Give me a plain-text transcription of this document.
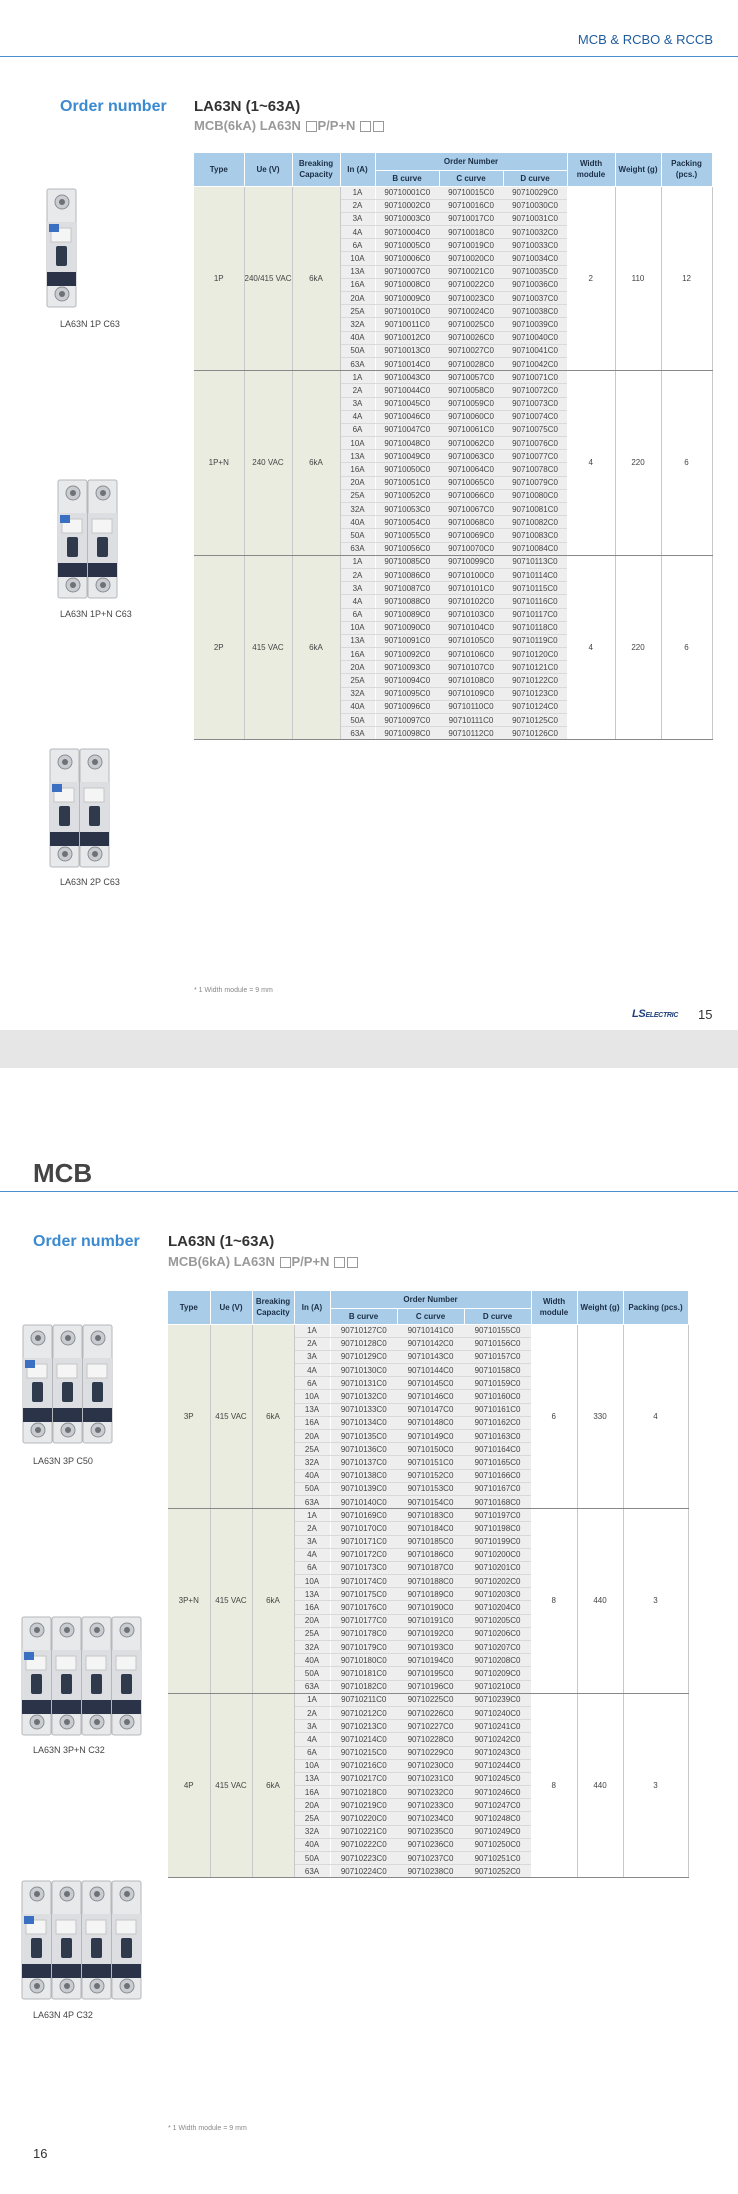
MCB & RCBO & RCCB
Order number LA63N (1~63A)
MCB(6kA) LA63N P/P+N
LA63N 1P C63
LA63N 1P+N C63
LA63N 2P C63
Type	Ue (V)	Breaking Capacity	In (A)	Order Number			Width module	Weight (g)	Packing (pcs.)
				B curve	C curve	D curve			
1P	240/415 VAC	6kA	1A	90710001C0	90710015C0	90710029C0	2	110	12
			2A	90710002C0	90710016C0	90710030C0			
			3A	90710003C0	90710017C0	90710031C0			
			4A	90710004C0	90710018C0	90710032C0			
			6A	90710005C0	90710019C0	90710033C0			
			10A	90710006C0	90710020C0	90710034C0			
			13A	90710007C0	90710021C0	90710035C0			
			16A	90710008C0	90710022C0	90710036C0			
			20A	90710009C0	90710023C0	90710037C0			
			25A	90710010C0	90710024C0	90710038C0			
			32A	90710011C0	90710025C0	90710039C0			
			40A	90710012C0	90710026C0	90710040C0			
			50A	90710013C0	90710027C0	90710041C0			
			63A	90710014C0	90710028C0	90710042C0			
1P+N	240 VAC	6kA	1A	90710043C0	90710057C0	90710071C0	4	220	6
			2A	90710044C0	90710058C0	90710072C0			
			3A	90710045C0	90710059C0	90710073C0			
			4A	90710046C0	90710060C0	90710074C0			
			6A	90710047C0	90710061C0	90710075C0			
			10A	90710048C0	90710062C0	90710076C0			
			13A	90710049C0	90710063C0	90710077C0			
			16A	90710050C0	90710064C0	90710078C0			
			20A	90710051C0	90710065C0	90710079C0			
			25A	90710052C0	90710066C0	90710080C0			
			32A	90710053C0	90710067C0	90710081C0			
			40A	90710054C0	90710068C0	90710082C0			
			50A	90710055C0	90710069C0	90710083C0			
			63A	90710056C0	90710070C0	90710084C0			
2P	415 VAC	6kA	1A	90710085C0	90710099C0	90710113C0	4	220	6
			2A	90710086C0	90710100C0	90710114C0			
			3A	90710087C0	90710101C0	90710115C0			
			4A	90710088C0	90710102C0	90710116C0			
			6A	90710089C0	90710103C0	90710117C0			
			10A	90710090C0	90710104C0	90710118C0			
			13A	90710091C0	90710105C0	90710119C0			
			16A	90710092C0	90710106C0	90710120C0			
			20A	90710093C0	90710107C0	90710121C0			
			25A	90710094C0	90710108C0	90710122C0			
			32A	90710095C0	90710109C0	90710123C0			
			40A	90710096C0	90710110C0	90710124C0			
			50A	90710097C0	90710111C0	90710125C0			
			63A	90710098C0	90710112C0	90710126C0			
* 1 Width module = 9 mm
LSELECTRIC 15
MCB
Order number LA63N (1~63A)
MCB(6kA) LA63N P/P+N
LA63N 3P C50
LA63N 3P+N C32
LA63N 4P C32
Type	Ue (V)	Breaking Capacity	In (A)	Order Number			Width module	Weight (g)	Packing (pcs.)
				B curve	C curve	D curve			
3P	415 VAC	6kA	1A	90710127C0	90710141C0	90710155C0	6	330	4
			2A	90710128C0	90710142C0	90710156C0			
			3A	90710129C0	90710143C0	90710157C0			
			4A	90710130C0	90710144C0	90710158C0			
			6A	90710131C0	90710145C0	90710159C0			
			10A	90710132C0	90710146C0	90710160C0			
			13A	90710133C0	90710147C0	90710161C0			
			16A	90710134C0	90710148C0	90710162C0			
			20A	90710135C0	90710149C0	90710163C0			
			25A	90710136C0	90710150C0	90710164C0			
			32A	90710137C0	90710151C0	90710165C0			
			40A	90710138C0	90710152C0	90710166C0			
			50A	90710139C0	90710153C0	90710167C0			
			63A	90710140C0	90710154C0	90710168C0			
3P+N	415 VAC	6kA	1A	90710169C0	90710183C0	90710197C0	8	440	3
			2A	90710170C0	90710184C0	90710198C0			
			3A	90710171C0	90710185C0	90710199C0			
			4A	90710172C0	90710186C0	90710200C0			
			6A	90710173C0	90710187C0	90710201C0			
			10A	90710174C0	90710188C0	90710202C0			
			13A	90710175C0	90710189C0	90710203C0			
			16A	90710176C0	90710190C0	90710204C0			
			20A	90710177C0	90710191C0	90710205C0			
			25A	90710178C0	90710192C0	90710206C0			
			32A	90710179C0	90710193C0	90710207C0			
			40A	90710180C0	90710194C0	90710208C0			
			50A	90710181C0	90710195C0	90710209C0			
			63A	90710182C0	90710196C0	90710210C0			
4P	415 VAC	6kA	1A	90710211C0	90710225C0	90710239C0	8	440	3
			2A	90710212C0	90710226C0	90710240C0			
			3A	90710213C0	90710227C0	90710241C0			
			4A	90710214C0	90710228C0	90710242C0			
			6A	90710215C0	90710229C0	90710243C0			
			10A	90710216C0	90710230C0	90710244C0			
			13A	90710217C0	90710231C0	90710245C0			
			16A	90710218C0	90710232C0	90710246C0			
			20A	90710219C0	90710233C0	90710247C0			
			25A	90710220C0	90710234C0	90710248C0			
			32A	90710221C0	90710235C0	90710249C0			
			40A	90710222C0	90710236C0	90710250C0			
			50A	90710223C0	90710237C0	90710251C0			
			63A	90710224C0	90710238C0	90710252C0			
* 1 Width module = 9 mm
16
